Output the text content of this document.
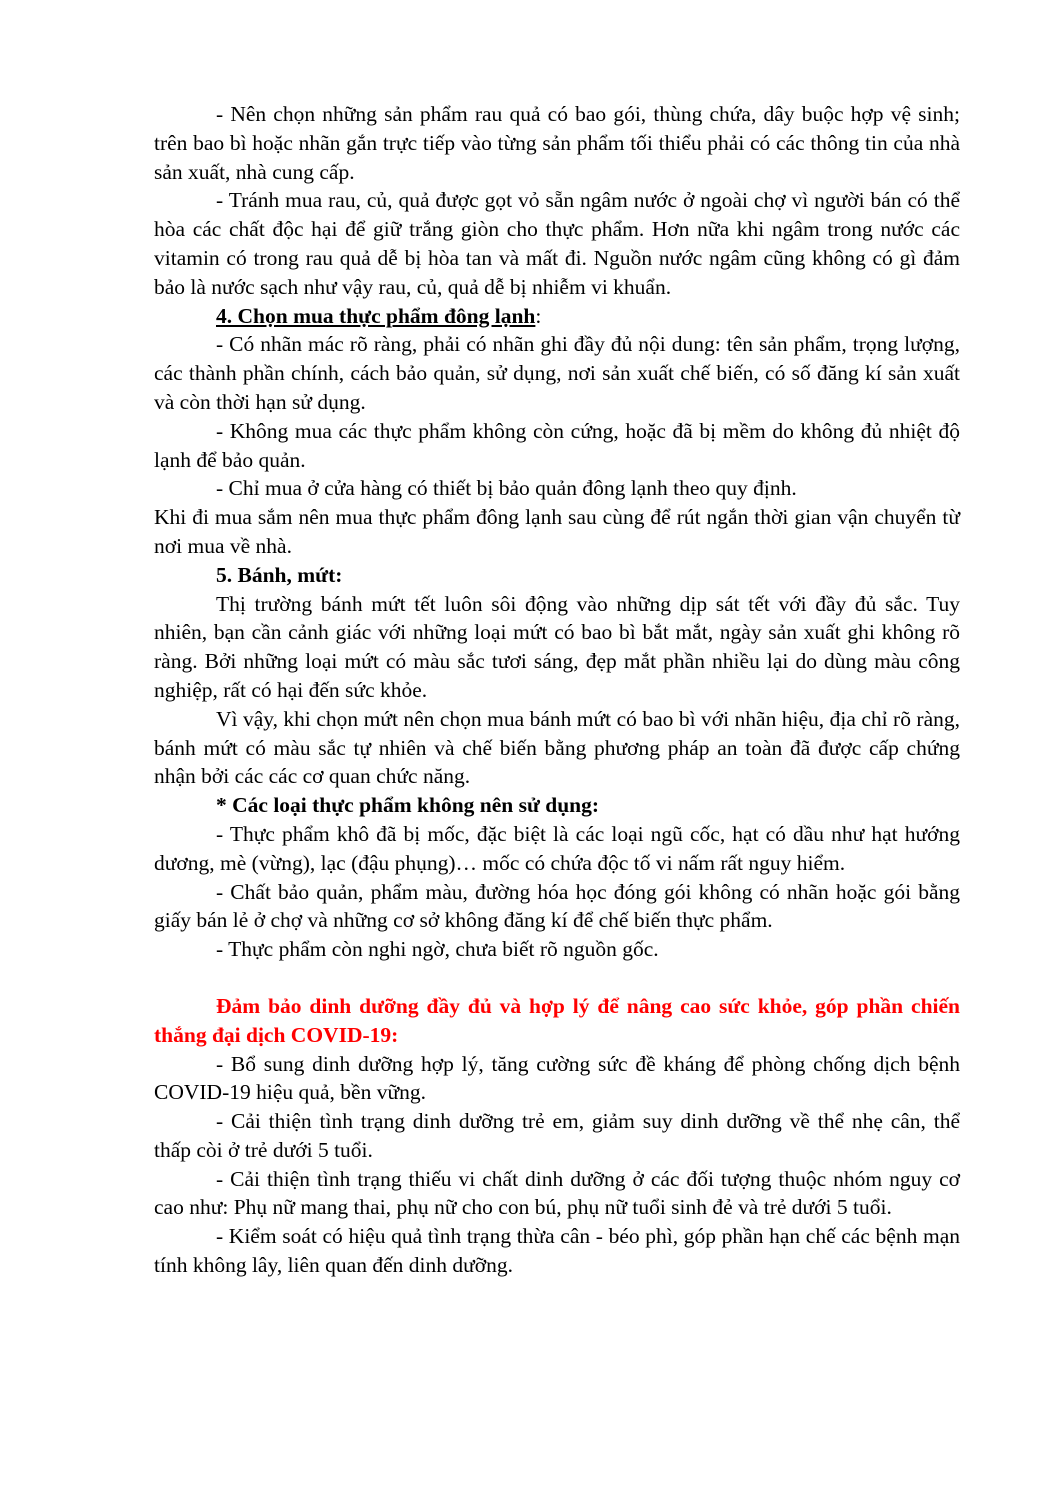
- Nên chọn những sản phẩm rau quả có bao gói, thùng chứa, dây buộc hợp vệ sinh; trên bao bì hoặc nhãn gắn trực tiếp vào từng sản phẩm tối thiểu phải có các thông tin của nhà sản xuất, nhà cung cấp.

- Tránh mua rau, củ, quả được gọt vỏ sẵn ngâm nước ở ngoài chợ vì người bán có thể hòa các chất độc hại để giữ trắng giòn cho thực phẩm. Hơn nữa khi ngâm trong nước các vitamin có trong rau quả dễ bị hòa tan và mất đi. Nguồn nước ngâm cũng không có gì đảm bảo là nước sạch như vậy rau, củ, quả dễ bị nhiễm vi khuẩn.

4. Chọn mua thực phẩm đông lạnh:

- Có nhãn mác rõ ràng, phải có nhãn ghi đầy đủ nội dung: tên sản phẩm, trọng lượng, các thành phần chính, cách bảo quản, sử dụng, nơi sản xuất chế biến, có số đăng kí sản xuất và còn thời hạn sử dụng.

- Không mua các thực phẩm không còn cứng, hoặc đã bị mềm do không đủ nhiệt độ lạnh để bảo quản.

- Chỉ mua ở cửa hàng có thiết bị bảo quản đông lạnh theo quy định.

Khi đi mua sắm nên mua thực phẩm đông lạnh sau cùng để rút ngắn thời gian vận chuyển từ nơi mua về nhà.

5. Bánh, mứt:

Thị trường bánh mứt tết luôn sôi động vào những dịp sát tết với đầy đủ sắc. Tuy nhiên, bạn cần cảnh giác với những loại mứt có bao bì bắt mắt, ngày sản xuất ghi không rõ ràng. Bởi những loại mứt có màu sắc tươi sáng, đẹp mắt phần nhiều lại do dùng màu công nghiệp, rất có hại đến sức khỏe.

Vì vậy, khi chọn mứt nên chọn mua bánh mứt có bao bì với nhãn hiệu, địa chỉ rõ ràng, bánh mứt có màu sắc tự nhiên và chế biến bằng phương pháp an toàn đã được cấp chứng nhận bởi các các cơ quan chức năng.

* Các loại thực phẩm không nên sử dụng:

- Thực phẩm khô đã bị mốc, đặc biệt là các loại ngũ cốc, hạt có dầu như hạt hướng dương, mè (vừng), lạc (đậu phụng)… mốc có chứa độc tố vi nấm rất nguy hiểm.

- Chất bảo quản, phẩm màu, đường hóa học đóng gói không có nhãn hoặc gói bằng giấy bán lẻ ở chợ và những cơ sở không đăng kí để chế biến thực phẩm.

- Thực phẩm còn nghi ngờ, chưa biết rõ nguồn gốc.

Đảm bảo dinh dưỡng đầy đủ và hợp lý để nâng cao sức khỏe, góp phần chiến thắng đại dịch COVID-19:

- Bổ sung dinh dưỡng hợp lý, tăng cường sức đề kháng để phòng chống dịch bệnh COVID-19 hiệu quả, bền vững.

- Cải thiện tình trạng dinh dưỡng trẻ em, giảm suy dinh dưỡng về thể nhẹ cân, thể thấp còi ở trẻ dưới 5 tuổi.

- Cải thiện tình trạng thiếu vi chất dinh dưỡng ở các đối tượng thuộc nhóm nguy cơ cao như: Phụ nữ mang thai, phụ nữ cho con bú, phụ nữ tuổi sinh đẻ và trẻ dưới 5 tuổi.

- Kiểm soát có hiệu quả tình trạng thừa cân - béo phì, góp phần hạn chế các bệnh mạn tính không lây, liên quan đến dinh dưỡng.
